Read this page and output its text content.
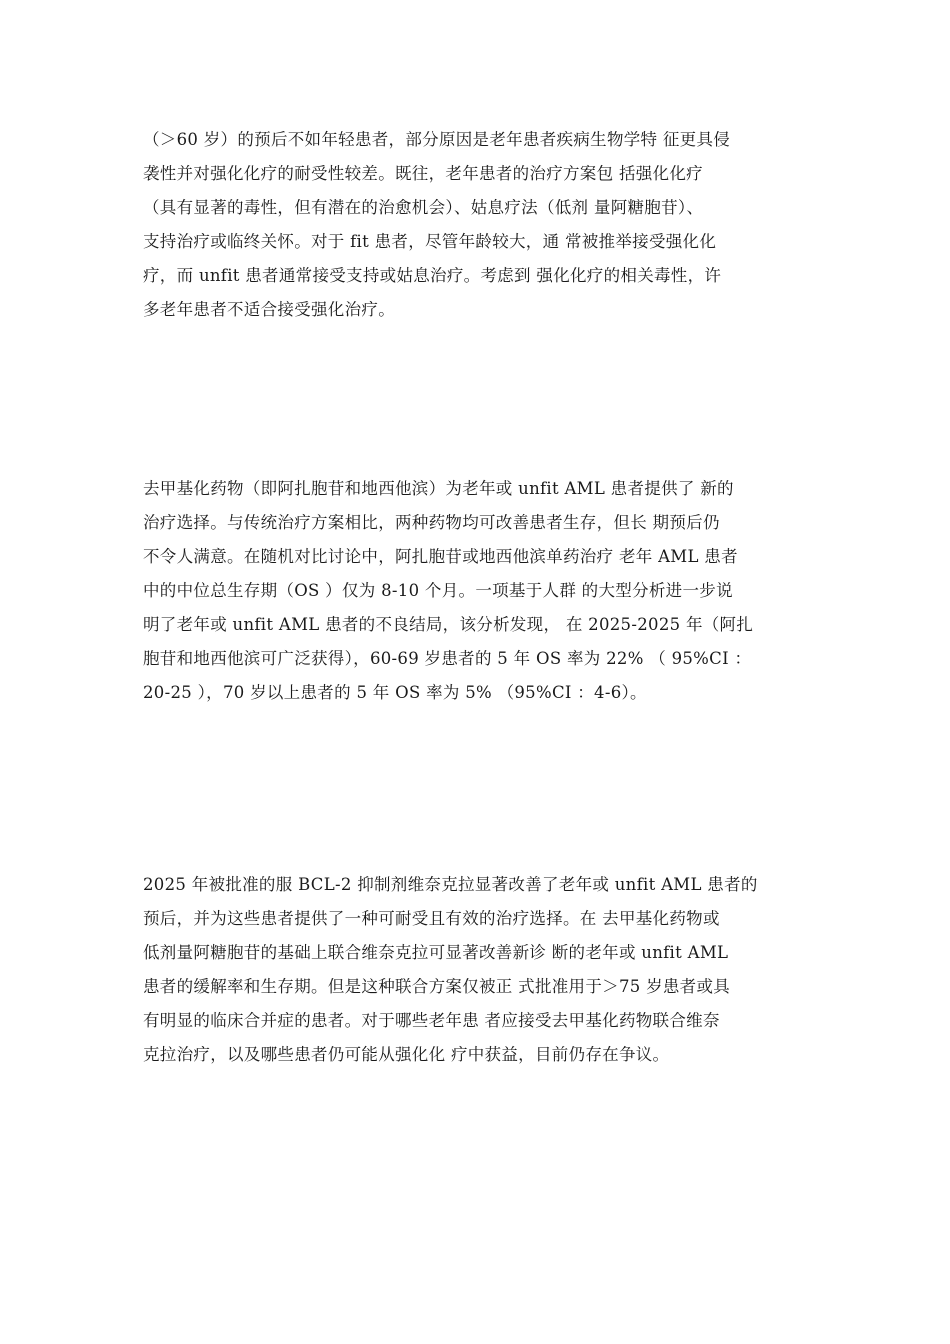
（＞60 岁）的预后不如年轻患者，部分原因是老年患者疾病生物学特 征更具侵
袭性并对强化化疗的耐受性较差。既往，老年患者的治疗方案包 括强化化疗
（具有显著的毒性，但有潜在的治愈机会）、姑息疗法（低剂 量阿糖胞苷）、
支持治疗或临终关怀。对于 fit 患者，尽管年龄较大，通 常被推举接受强化化
疗，而 unfit 患者通常接受支持或姑息治疗。考虑到 强化化疗的相关毒性，许
多老年患者不适合接受强化治疗。
去甲基化药物（即阿扎胞苷和地西他滨）为老年或 unfit AML 患者提供了 新的
治疗选择。与传统治疗方案相比，两种药物均可改善患者生存，但长 期预后仍
不令人满意。在随机对比讨论中，阿扎胞苷或地西他滨单药治疗 老年 AML 患者
中的中位总生存期（OS ）仅为 8-10 个月。一项基于人群 的大型分析进一步说
明了老年或 unfit AML 患者的不良结局，该分析发现， 在 2025-2025 年（阿扎
胞苷和地西他滨可广泛获得），60-69 岁患者的 5 年 OS 率为 22% （ 95%CI ：
20-25 ），70 岁以上患者的 5 年 OS 率为 5% （95%CI ：4-6）。
2025 年被批准的服 BCL-2 抑制剂维奈克拉显著改善了老年或 unfit AML 患者的
预后，并为这些患者提供了一种可耐受且有效的治疗选择。在 去甲基化药物或
低剂量阿糖胞苷的基础上联合维奈克拉可显著改善新诊 断的老年或 unfit AML
患者的缓解率和生存期。但是这种联合方案仅被正 式批准用于＞75 岁患者或具
有明显的临床合并症的患者。对于哪些老年患 者应接受去甲基化药物联合维奈
克拉治疗，以及哪些患者仍可能从强化化 疗中获益，目前仍存在争议。
